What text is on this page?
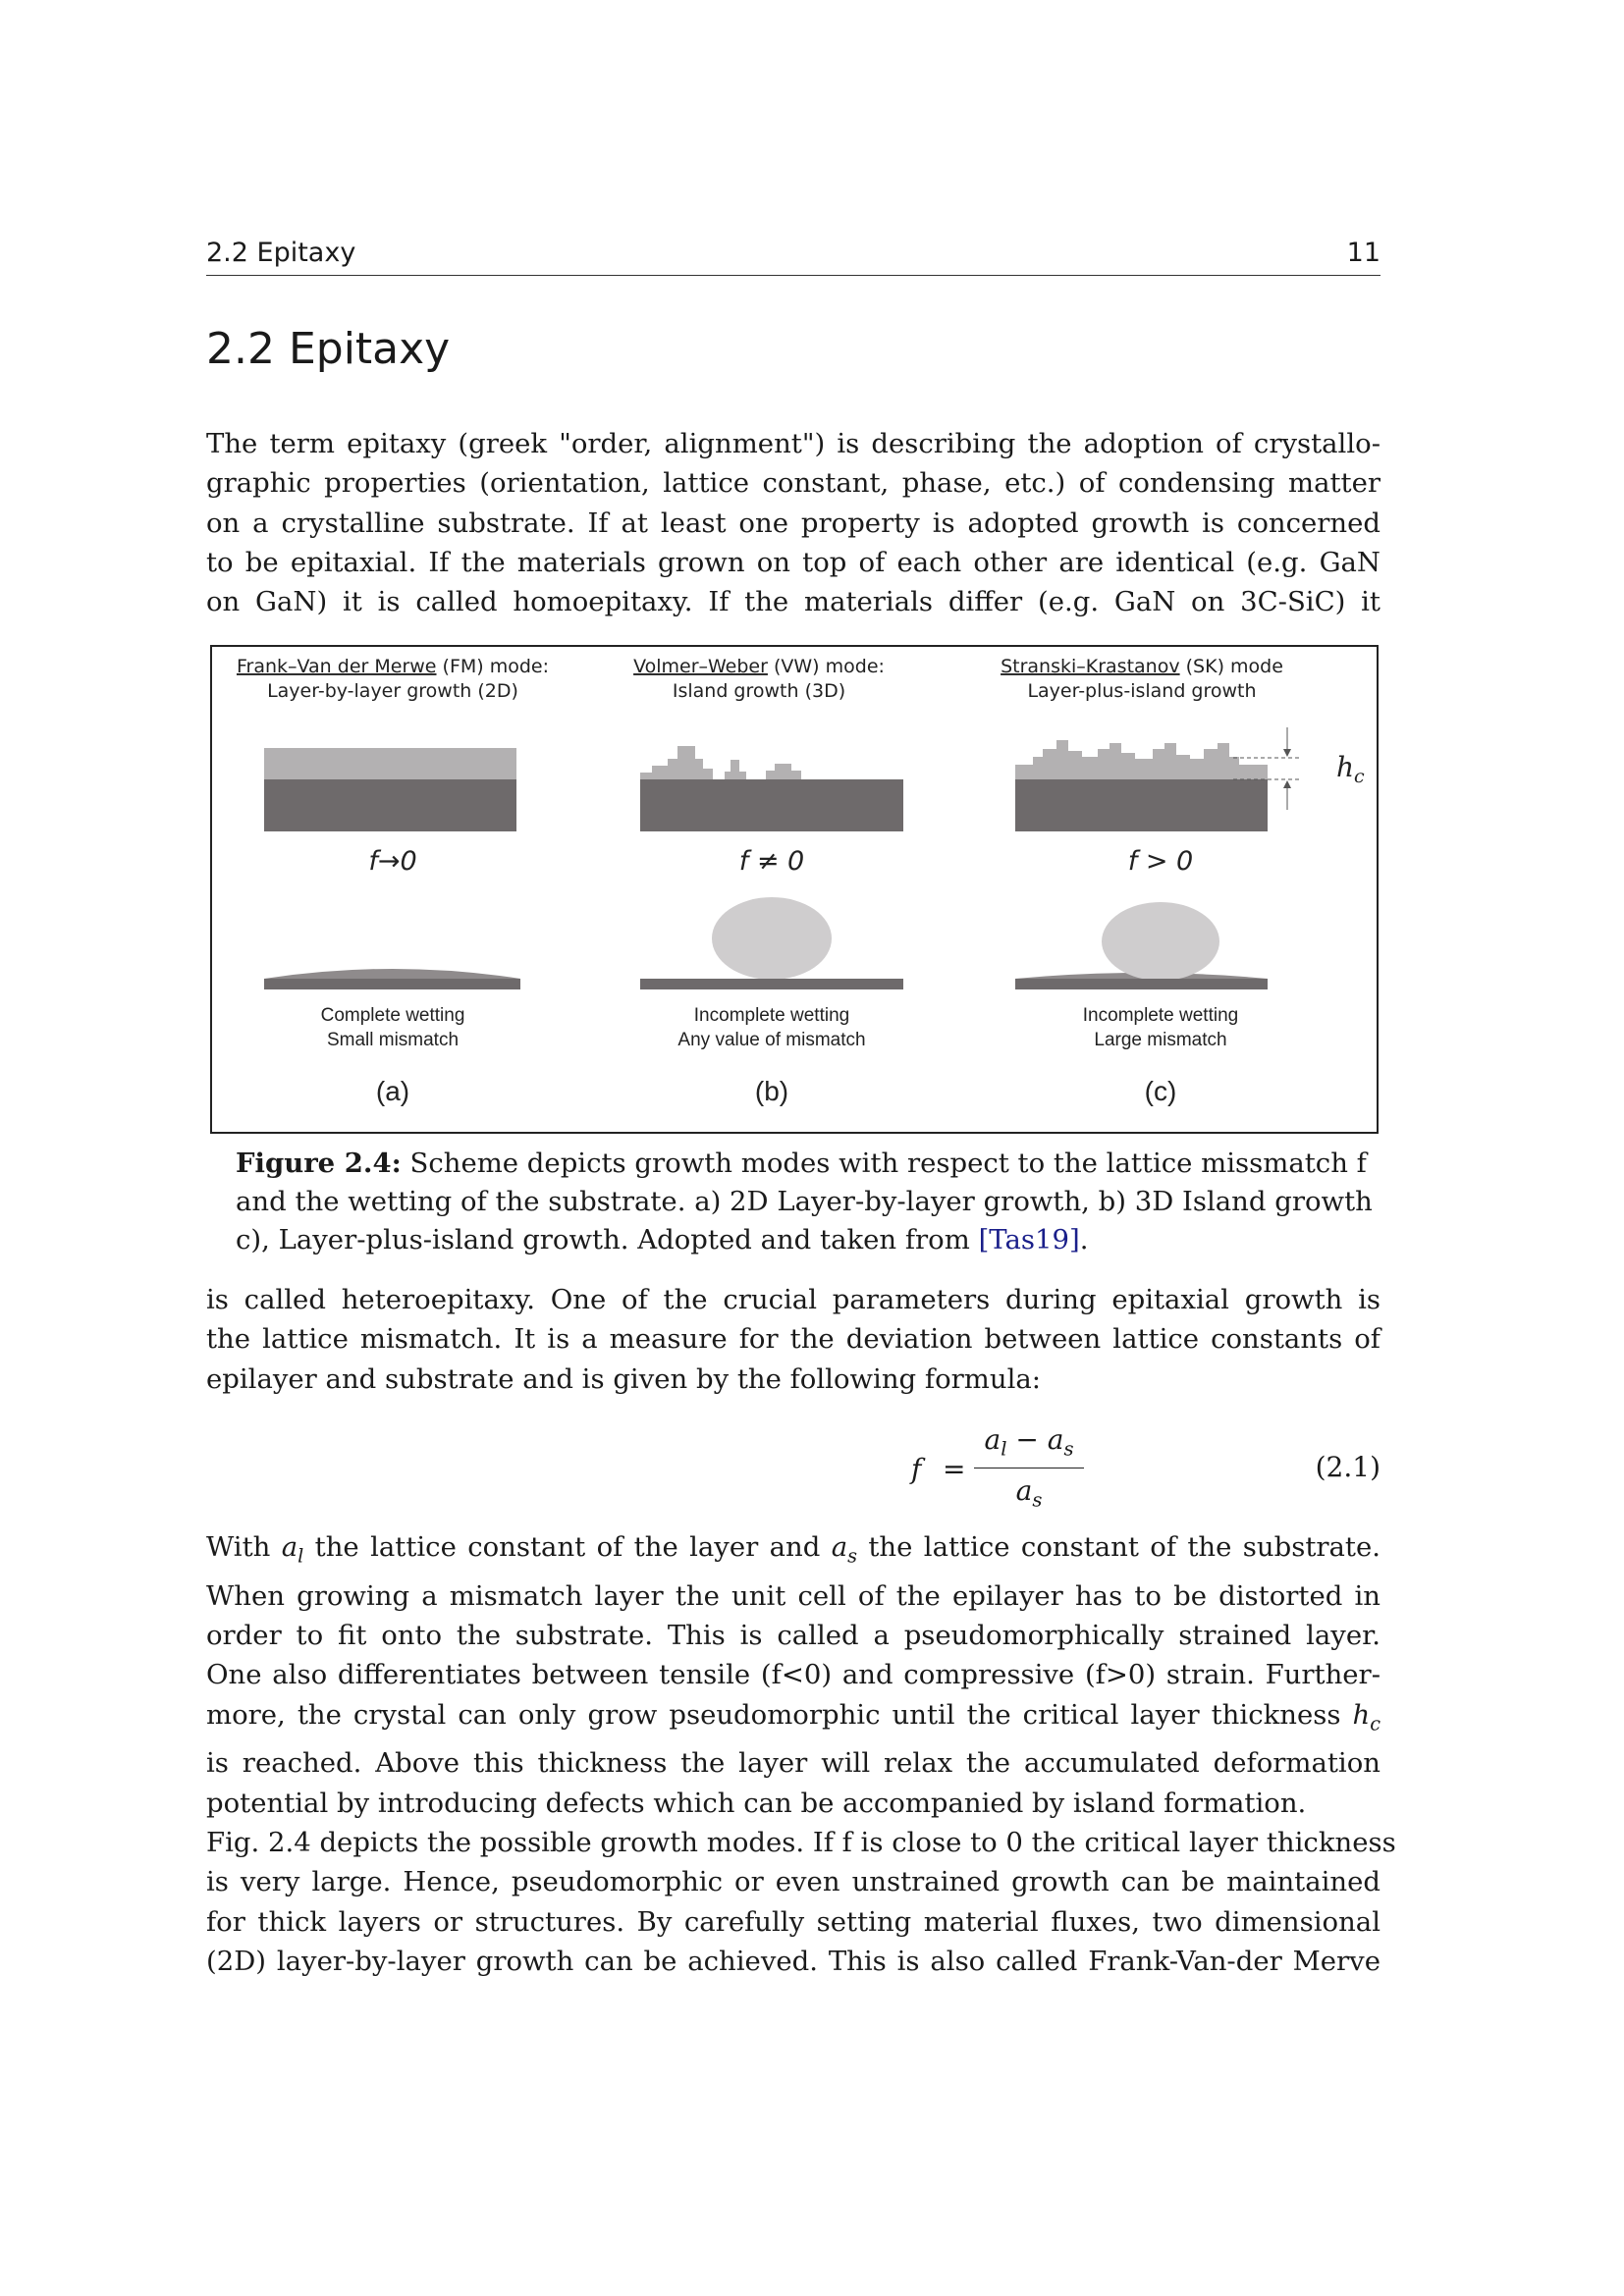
2.2 Epitaxy	11
2.2 Epitaxy

The term epitaxy (greek "order, alignment") is describing the adoption of crystallo-
graphic properties (orientation, lattice constant, phase, etc.) of condensing matter
on a crystalline substrate. If at least one property is adopted growth is concerned
to be epitaxial. If the materials grown on top of each other are identical (e.g. GaN
on GaN) it is called homoepitaxy. If the materials differ (e.g. GaN on 3C-SiC) it

Frank–Van der Merwe (FM) mode:
Layer-by-layer growth (2D)
Volmer–Weber (VW) mode:
Island growth (3D)
Stranski–Krastanov (SK) mode
Layer-plus-island growth
$h_c$
f→0	f ≠ 0	f > 0
Complete wetting
Small mismatch
Incomplete wetting
Any value of mismatch
Incomplete wetting
Large mismatch
(a)	(b)	(c)

Figure 2.4: Scheme depicts growth modes with respect to the lattice missmatch f
and the wetting of the substrate. a) 2D Layer-by-layer growth, b) 3D Island growth
c), Layer-plus-island growth. Adopted and taken from [Tas19].

is called heteroepitaxy. One of the crucial parameters during epitaxial growth is
the lattice mismatch. It is a measure for the deviation between lattice constants of
epilayer and substrate and is given by the following formula:

f =
$a_l - a_s$
$a_s$
(2.1)

With $a_l$ the lattice constant of the layer and $a_s$ the lattice constant of the substrate.
When growing a mismatch layer the unit cell of the epilayer has to be distorted in
order to fit onto the substrate. This is called a pseudomorphically strained layer.
One also differentiates between tensile (f<0) and compressive (f>0) strain. Further-
more, the crystal can only grow pseudomorphic until the critical layer thickness $h_c$
is reached. Above this thickness the layer will relax the accumulated deformation
potential by introducing defects which can be accompanied by island formation.
Fig. 2.4 depicts the possible growth modes. If f is close to 0 the critical layer thickness
is very large. Hence, pseudomorphic or even unstrained growth can be maintained
for thick layers or structures. By carefully setting material fluxes, two dimensional
(2D) layer-by-layer growth can be achieved. This is also called Frank-Van-der Merve
